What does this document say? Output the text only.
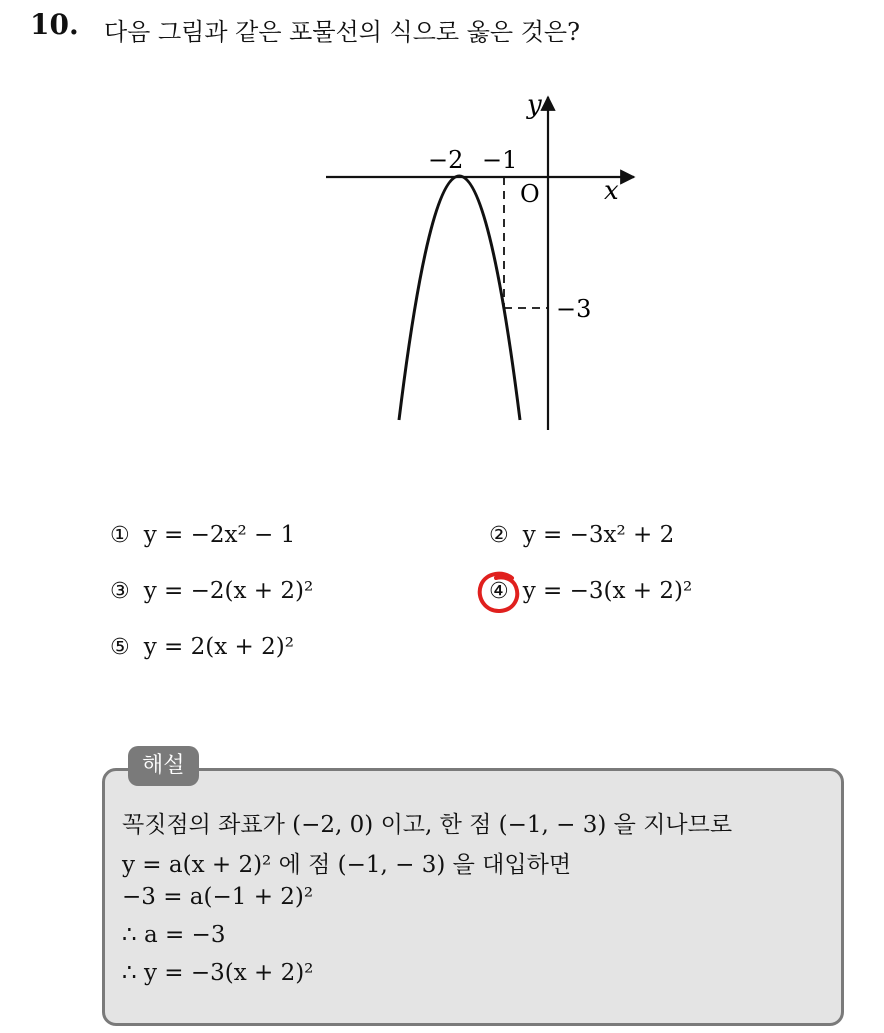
10. 다음 그림과 같은 포물선의 식으로 옳은 것은?
y
x
O
−2 −1
−3
① y = −2x² − 1	② y = −3x² + 2
③ y = −2(x + 2)²	④ y = −3(x + 2)²
⑤ y = 2(x + 2)²
해설
꼭짓점의 좌표가 (−2, 0) 이고, 한 점 (−1, − 3) 을 지나므로
y = a(x + 2)² 에 점 (−1, − 3) 을 대입하면
−3 = a(−1 + 2)²
∴ a = −3
∴ y = −3(x + 2)²
